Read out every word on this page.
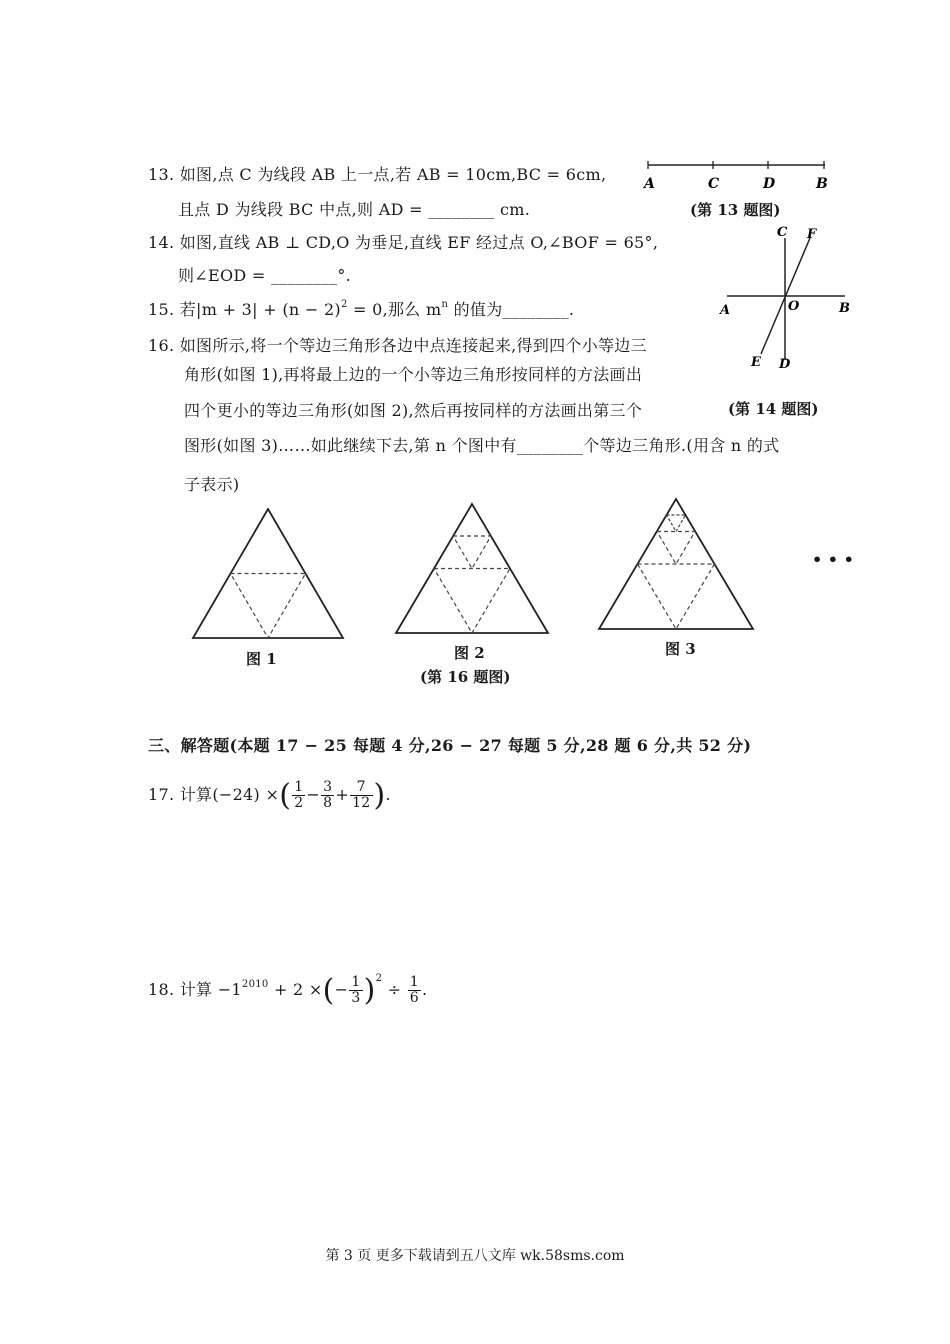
13. 如图,点 C 为线段 AB 上一点,若 AB = 10cm,BC = 6cm,
且点 D 为线段 BC 中点,则 AD = ________ cm.
A	C	D	B
(第 13 题图)
14. 如图,直线 AB ⊥ CD,O 为垂足,直线 EF 经过点 O,∠BOF = 65°,
则∠EOD = ________°.
C F
A	O	B
E D
(第 14 题图)
15. 若$|m + 3| + (n - 2)^2 = 0$,那么 $m^n$ 的值为________.
16. 如图所示,将一个等边三角形各边中点连接起来,得到四个小等边三
角形(如图 1),再将最上边的一个小等边三角形按同样的方法画出
四个更小的等边三角形(如图 2),然后再按同样的方法画出第三个
图形(如图 3)……如此继续下去,第 n 个图中有________个等边三角形.(用含 n 的式
子表示)
图 1	图 2	图 3
• • •
(第 16 题图)
三、解答题(本题 17 − 25 每题 4 分,26 − 27 每题 5 分,28 题 6 分,共 52 分)
17. 计算(−24) ×( $\frac{1}{2} - \frac{3}{8} + \frac{7}{12}$ ).
18. 计算 $-1^{2010} + 2$ ×(− $\frac{1}{3} )^2 \div \frac{1}{6}$ .
第 3 页 更多下载请到五八文库 wk.58sms.com
